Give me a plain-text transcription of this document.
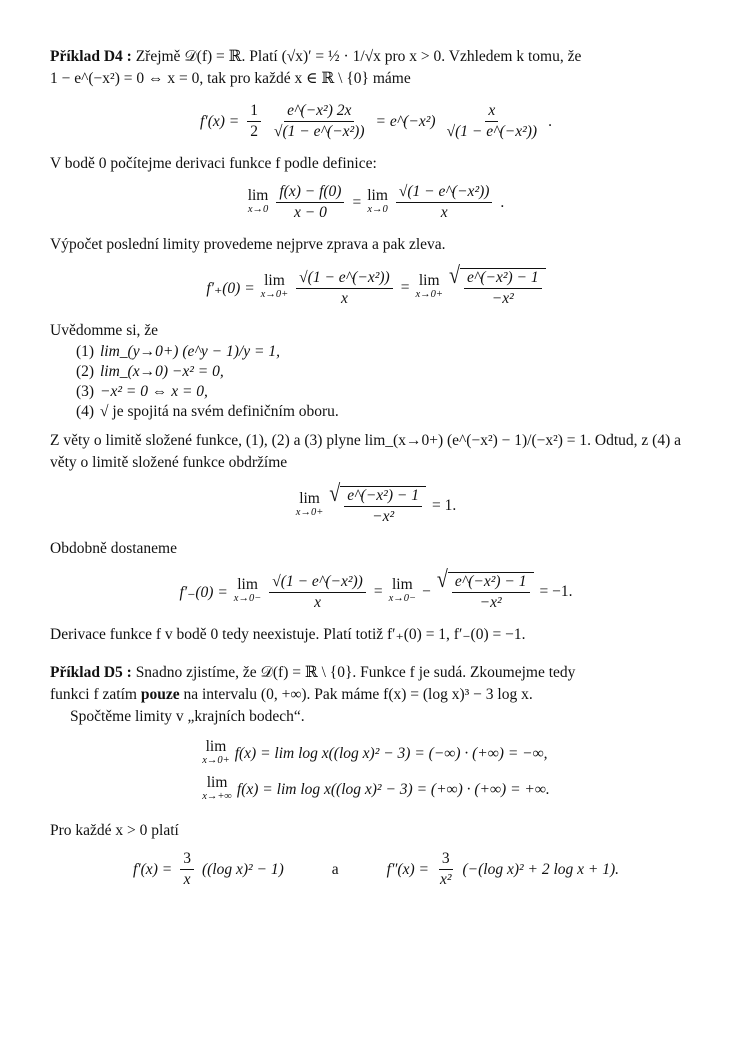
Příklad D4 : Zřejmě 𝒟(f) = ℝ. Platí (√x)′ = ½ · 1/√x pro x > 0. Vzhledem k tomu, že

1 − e^(−x²) = 0 ⇔ x = 0, tak pro každé x ∈ ℝ \ {0} máme

$f'(x) = \frac{1}{2} \frac{\text{e\textasciicircum{}(−x²) 2x}}{\text{√(1 − e\textasciicircum{}(−x²))}}$ = e^(−x²) $\frac{x}{\text{√(1 − e\textasciicircum{}(−x²))}}$ .

V bodě 0 počítejme derivaci funkce f podle definice:

lim
$x\to 0 \frac{f(x) - f(0)}{x - 0} = \lim$
$x\to 0 \frac{\text{√(1 − e\textasciicircum{}(−x²))}}{x}$ .

Výpočet poslední limity provedeme nejprve zprava a pak zleva.

f′₊(0) = lim
$x\to 0+ \frac{\text{√(1 − e\textasciicircum{}(−x²))}}{x} = \lim$
x→0+
√ $\frac{\text{e\textasciicircum{}(−x²) − 1}}{\text{−x²}}$

Uvědomme si, že

(1) lim_(y→0+) (e^y − 1)/y = 1,
(2) lim_(x→0) −x² = 0,
(3) −x² = 0 ⇔ x = 0,
(4) √ je spojitá na svém definičním oboru.

Z věty o limitě složené funkce, (1), (2) a (3) plyne lim_(x→0+) (e^(−x²) − 1)/(−x²) = 1. Odtud, z (4) a

věty o limitě složené funkce obdržíme

lim
x→0+
√ $\frac{\text{e\textasciicircum{}(−x²) − 1}}{\text{−x²}} = 1$.

Obdobně dostaneme

f′₋(0) = lim
$x\to 0- \frac{\text{√(1 − e\textasciicircum{}(−x²))}}{x} = \lim$
x→0− − √ $\frac{\text{e\textasciicircum{}(−x²) − 1}}{\text{−x²}} = -1$.

Derivace funkce f v bodě 0 tedy neexistuje. Platí totiž f′₊(0) = 1, f′₋(0) = −1.

Příklad D5 : Snadno zjistíme, že 𝒟(f) = ℝ \ {0}. Funkce f je sudá. Zkoumejme tedy

funkci f zatím pouze na intervalu (0, +∞). Pak máme f(x) = (log x)³ − 3 log x.

Spočtěme limity v „krajních bodech“.

lim
x→0+ f(x) = lim log x((log x)² − 3) = (−∞) · (+∞) = −∞,
lim
x→+∞ f(x) = lim log x((log x)² − 3) = (+∞) · (+∞) = +∞.

Pro každé x > 0 platí

$f'(x) = \frac{3}{x} ((\log$ x)² − 1)	a	$f''(x) = \frac{3}{\text{x²}} (-(\log$ x)² + 2 log x + 1).
